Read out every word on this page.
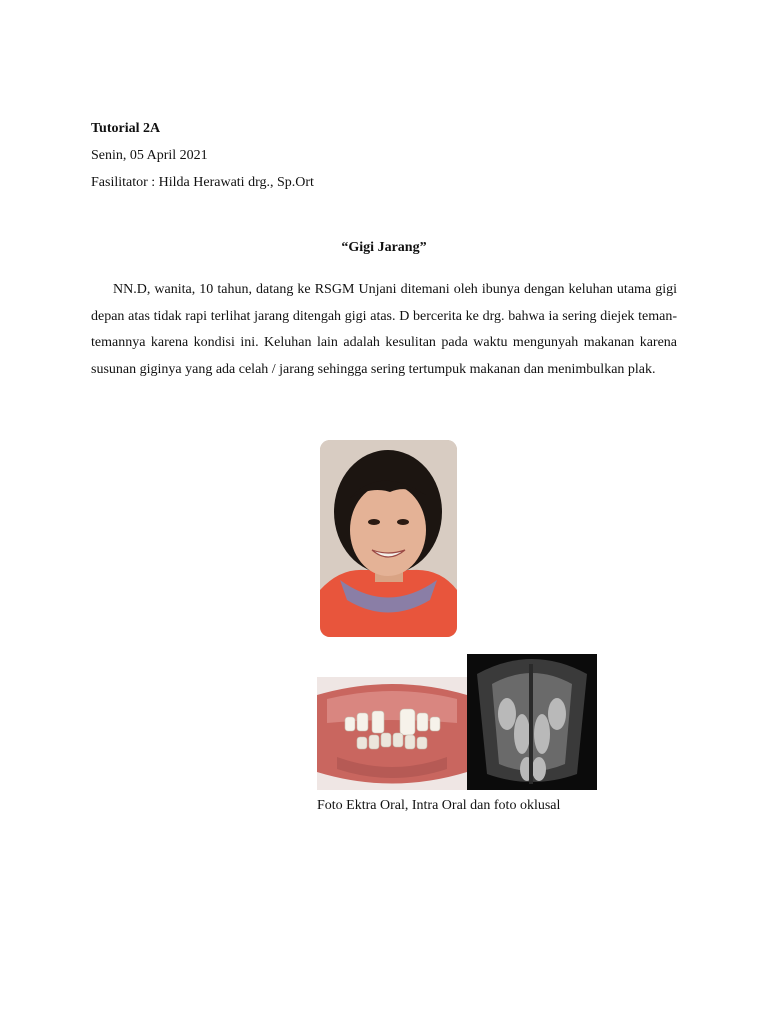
Tutorial 2A
Senin, 05 April 2021
Fasilitator : Hilda Herawati drg., Sp.Ort
“Gigi Jarang”
NN.D, wanita, 10 tahun, datang ke RSGM Unjani ditemani oleh ibunya dengan keluhan utama gigi depan atas tidak rapi terlihat jarang ditengah gigi atas. D bercerita ke drg. bahwa ia sering diejek teman-temannya karena kondisi ini. Keluhan lain adalah kesulitan pada waktu mengunyah makanan karena susunan giginya yang ada celah / jarang sehingga sering tertumpuk makanan dan menimbulkan plak.
Foto Ektra Oral, Intra Oral dan foto oklusal
